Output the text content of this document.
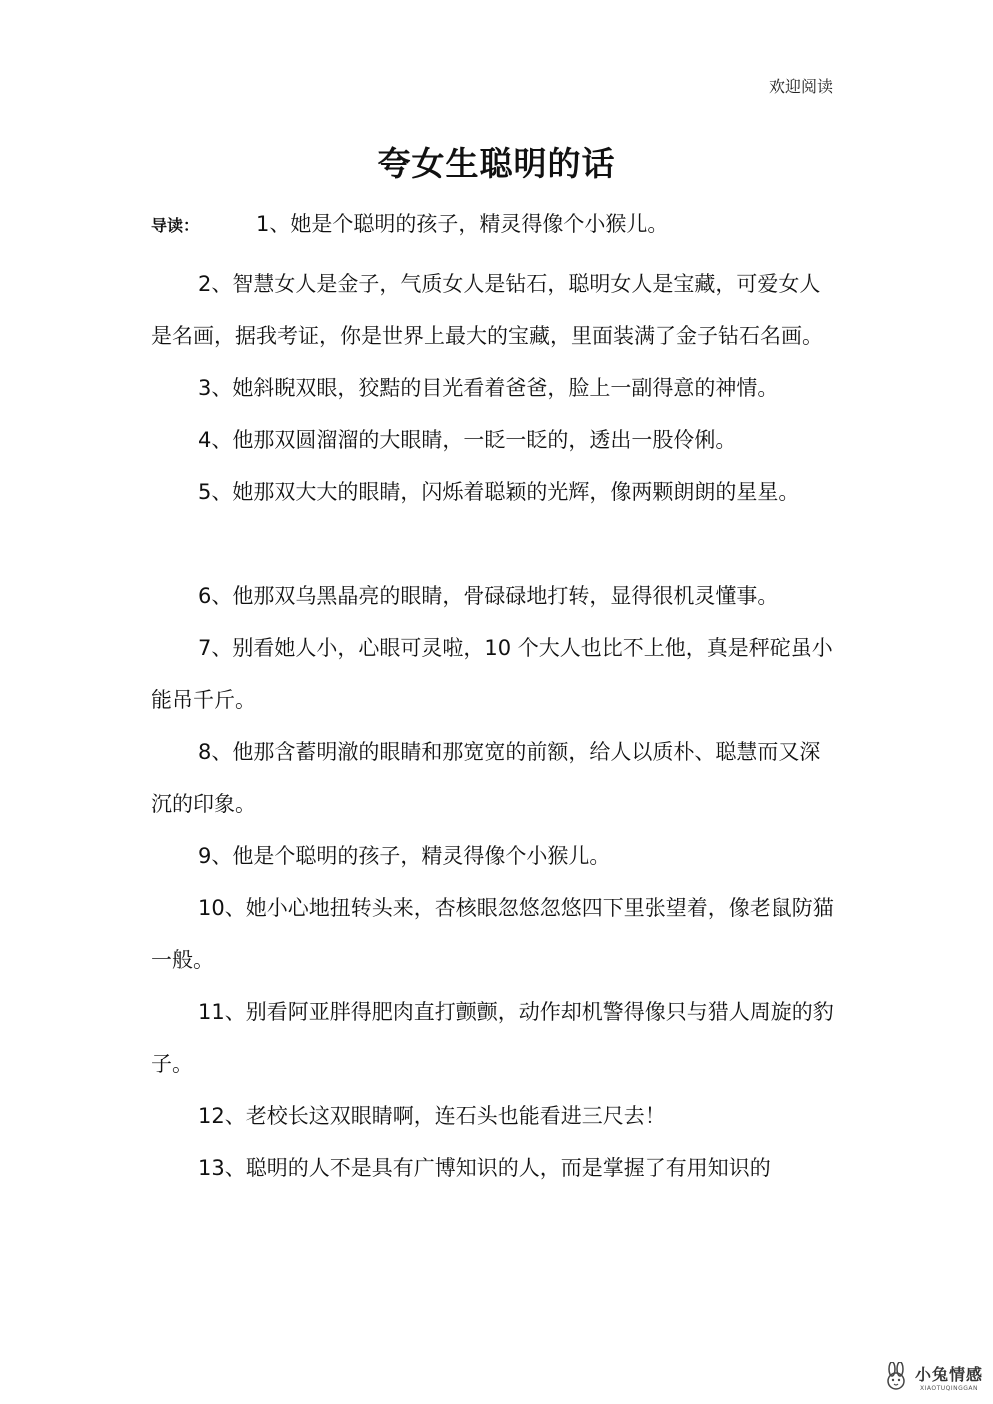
欢迎阅读
夸女生聪明的话

导读：	1、她是个聪明的孩子，精灵得像个小猴儿。

2、智慧女人是金子，气质女人是钻石，聪明女人是宝藏，可爱女人是名画，据我考证，你是世界上最大的宝藏，里面装满了金子钻石名画。

3、她斜睨双眼，狡黠的目光看着爸爸，脸上一副得意的神情。

4、他那双圆溜溜的大眼睛，一眨一眨的，透出一股伶俐。

5、她那双大大的眼睛，闪烁着聪颖的光辉，像两颗朗朗的星星。

6、他那双乌黑晶亮的眼睛，骨碌碌地打转，显得很机灵懂事。

7、别看她人小，心眼可灵啦，10 个大人也比不上他，真是秤砣虽小能吊千斤。

8、他那含蓄明澈的眼睛和那宽宽的前额，给人以质朴、聪慧而又深沉的印象。

9、他是个聪明的孩子，精灵得像个小猴儿。

10、她小心地扭转头来，杏核眼忽悠忽悠四下里张望着，像老鼠防猫一般。

11、别看阿亚胖得肥肉直打颤颤，动作却机警得像只与猎人周旋的豹子。

12、老校长这双眼睛啊，连石头也能看进三尺去！

13、聪明的人不是具有广博知识的人，而是掌握了有用知识的

小兔情感
XIAOTUQINGGAN
